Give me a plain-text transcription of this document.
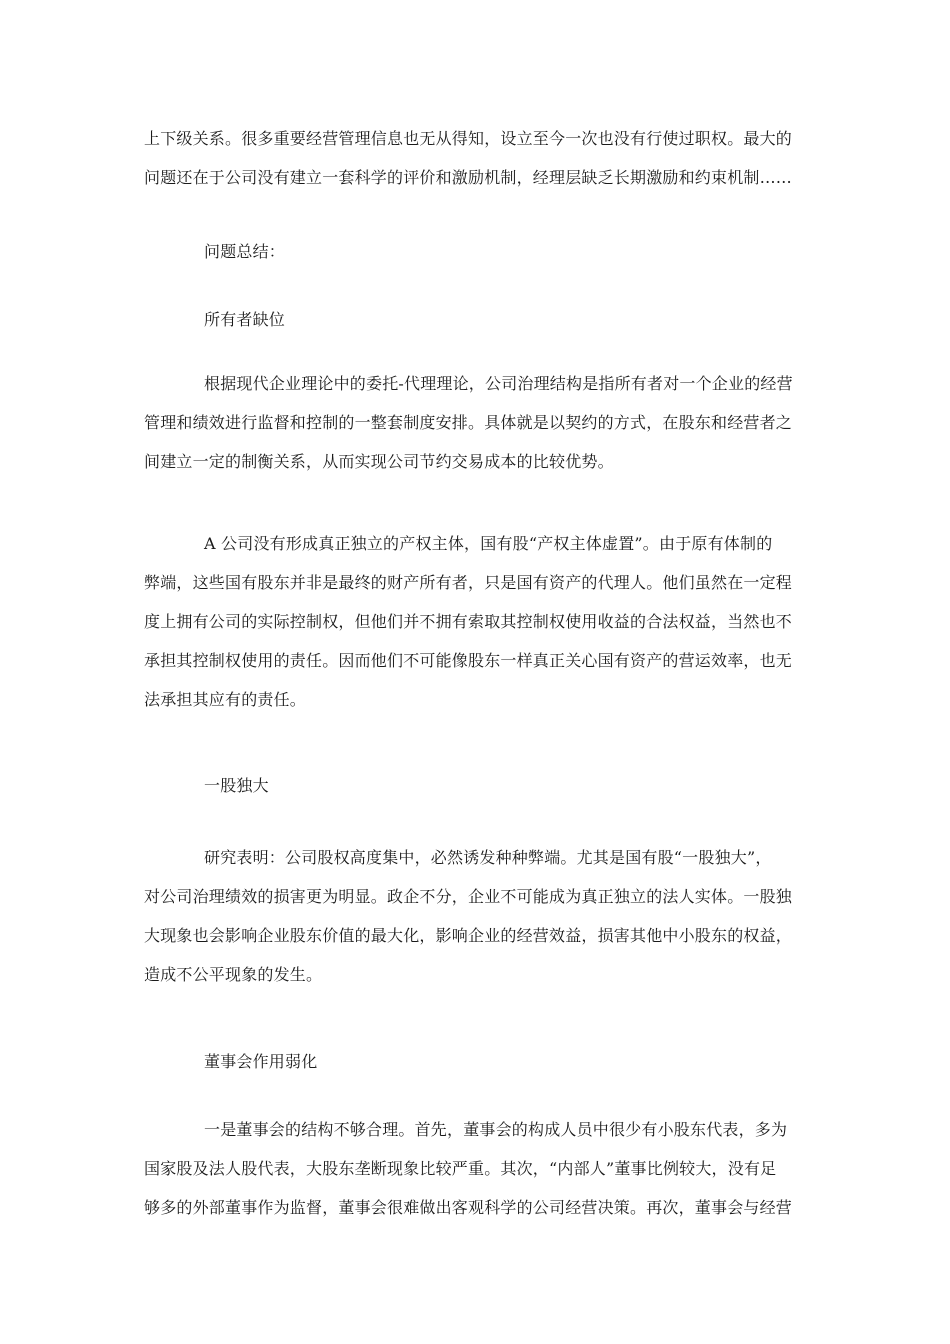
上下级关系。很多重要经营管理信息也无从得知，设立至今一次也没有行使过职权。最大的
问题还在于公司没有建立一套科学的评价和激励机制，经理层缺乏长期激励和约束机制……
问题总结：
所有者缺位
根据现代企业理论中的委托-代理理论，公司治理结构是指所有者对一个企业的经营
管理和绩效进行监督和控制的一整套制度安排。具体就是以契约的方式，在股东和经营者之
间建立一定的制衡关系，从而实现公司节约交易成本的比较优势。
A 公司没有形成真正独立的产权主体，国有股“产权主体虚置”。由于原有体制的
弊端，这些国有股东并非是最终的财产所有者，只是国有资产的代理人。他们虽然在一定程
度上拥有公司的实际控制权，但他们并不拥有索取其控制权使用收益的合法权益，当然也不
承担其控制权使用的责任。因而他们不可能像股东一样真正关心国有资产的营运效率，也无
法承担其应有的责任。
一股独大
研究表明：公司股权高度集中，必然诱发种种弊端。尤其是国有股“一股独大”，
对公司治理绩效的损害更为明显。政企不分，企业不可能成为真正独立的法人实体。一股独
大现象也会影响企业股东价值的最大化，影响企业的经营效益，损害其他中小股东的权益，
造成不公平现象的发生。
董事会作用弱化
一是董事会的结构不够合理。首先，董事会的构成人员中很少有小股东代表，多为
国家股及法人股代表，大股东垄断现象比较严重。其次，“内部人”董事比例较大，没有足
够多的外部董事作为监督，董事会很难做出客观科学的公司经营决策。再次，董事会与经营
